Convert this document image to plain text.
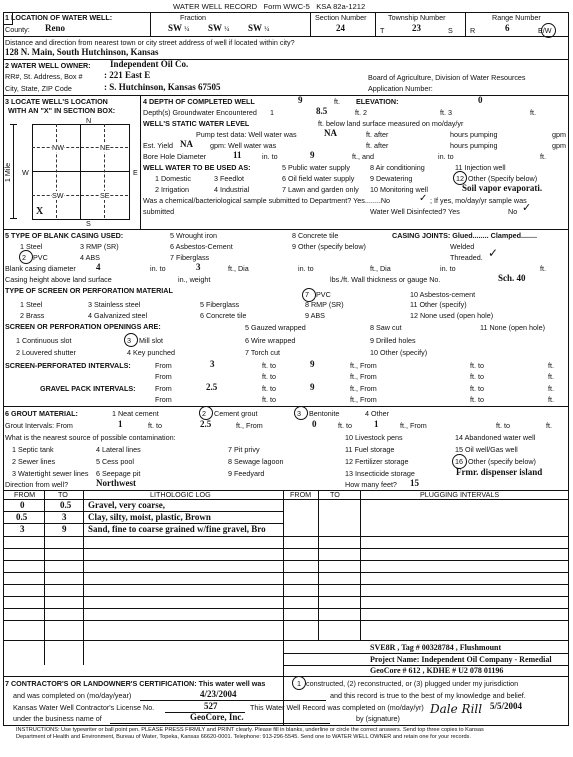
WATER WELL RECORD Form WWC-5 KSA 82a-1212
1 LOCATION OF WATER WELL:	Fraction
County: Reno	SW ¼ SW ¼ SW ¼
Section Number
24
Township Number
T	23	S
Range Number
R	6	E/W
Distance and direction from nearest town or city street address of well if located within city?
128 N. Main, South Hutchinson, Kansas
2 WATER WELL OWNER: Independent Oil Co.
RR#, St. Address, Box # : 221 East E
City, State, ZIP Code	: S. Hutchinson, Kansas 67505
Board of Agriculture, Division of Water Resources
Application Number:
3 LOCATE WELL'S LOCATION
WITH AN "X" IN SECTION BOX:
N
S
W	E
1 Mile
NW	NE
SW	SE
X
4 DEPTH OF COMPLETED WELL	9	ft. ELEVATION:	0
Depth(s) Groundwater Encountered 1	8.5	ft. 2	ft. 3	ft.
WELL'S STATIC WATER LEVEL	ft. below land surface measured on mo/day/yr
Pump test data: Well water was	NA	ft. after	hours pumping	gpm
Est. Yield NA gpm: Well water was	ft. after	hours pumping	gpm
Bore Hole Diameter	11	in. to	9	ft., and	in. to	ft.
WELL WATER TO BE USED AS:	5 Public water supply	8 Air conditioning	11 Injection well
1 Domestic	3 Feedlot	6 Oil field water supply 9 Dewatering	12 Other (Specify below)
2 Irrigation	4 Industrial	7 Lawn and garden only 10 Monitoring well	Soil vapor evaporati.
Was a chemical/bacteriological sample submitted to Department? Yes........No	✓ ; If yes, mo/day/yr sample was
submitted	Water Well Disinfected? Yes	No ✓
5 TYPE OF BLANK CASING USED:	5 Wrought iron	8 Concrete tile	CASING JOINTS: Glued........ Clamped........
1 Steel	3 RMP (SR)	6 Asbestos-Cement	9 Other (specify below)	Welded
2 PVC	4 ABS	7 Fiberglass	Threaded. ✓
Blank casing diameter 4	in. to	3	ft., Dia	in. to	ft., Dia	in. to	ft.
Casing height above land surface	in., weight	lbs./ft. Wall thickness or gauge No.	Sch. 40
TYPE OF SCREEN OR PERFORATION MATERIAL	7 PVC	10 Asbestos-cement
1 Steel	3 Stainless steel	5 Fiberglass	8 RMP (SR)	11 Other (specify)
2 Brass	4 Galvanized steel	6 Concrete tile	9 ABS	12 None used (open hole)
SCREEN OR PERFORATION OPENINGS ARE:	5 Gauzed wrapped	8 Saw cut	11 None (open hole)
1 Continuous slot	3 Mill slot	6 Wire wrapped	9 Drilled holes
2 Louvered shutter	4 Key punched	7 Torch cut	10 Other (specify)
SCREEN-PERFORATED INTERVALS:	From	3	ft. to	9	ft., From	ft. to	ft.
From	ft. to	ft., From	ft. to	ft.
GRAVEL PACK INTERVALS:	From	2.5	ft. to	9	ft., From	ft. to	ft.
From	ft. to	ft., From	ft. to	ft.
6 GROUT MATERIAL:	1 Neat cement	2 Cement grout	3 Bentonite	4 Other
Grout Intervals: From	1	ft. to	2.5	ft., From	0	ft. to 1	ft., From	ft. to	ft.
What is the nearest source of possible contamination:	10 Livestock pens	14 Abandoned water well
1 Septic tank	4 Lateral lines	7 Pit privy	11 Fuel storage	15 Oil well/Gas well
2 Sewer lines	5 Cess pool	8 Sewage lagoon	12 Fertilizer storage	16 Other (specify below)
3 Watertight sewer lines 6 Seepage pit	9 Feedyard	13 Insecticide storage	Frmr. dispenser island
Direction from well?	Northwest	How many feet? 15
FROM	TO	LITHOLOGIC LOG	FROM	TO	PLUGGING INTERVALS
0	0.5 Gravel, very coarse,
0.5	3 Clay, silty, moist, plastic, Brown
3	9 Sand, fine to coarse grained w/fine gravel, Bro
SVE8R , Tag # 00328784 , Flushmount
Project Name: Independent Oil Company - Remedial
GeoCore # 612 , KDHE # U2 078 01196
7 CONTRACTOR'S OR LANDOWNER'S CERTIFICATION: This water well was	1 constructed, (2) reconstructed, or (3) plugged under my jurisdiction
and was completed on (mo/day/year)	4/23/2004	and this record is true to the best of my knowledge and belief.
Kansas Water Well Contractor's License No.	527	This Water Well Record was completed on (mo/day/yr)	5/5/2004
under the business name of	GeoCore, Inc.	by (signature)
Dale Rill
INSTRUCTIONS: Use typewriter or ball point pen. PLEASE PRESS FIRMLY and PRINT clearly. Please fill in blanks, underline or circle the correct answers. Send top three copies to Kansas
Department of Health and Environment, Bureau of Water, Topeka, Kansas 66620-0001. Telephone: 913-296-5545. Send one to WATER WELL OWNER and retain one for your records.
